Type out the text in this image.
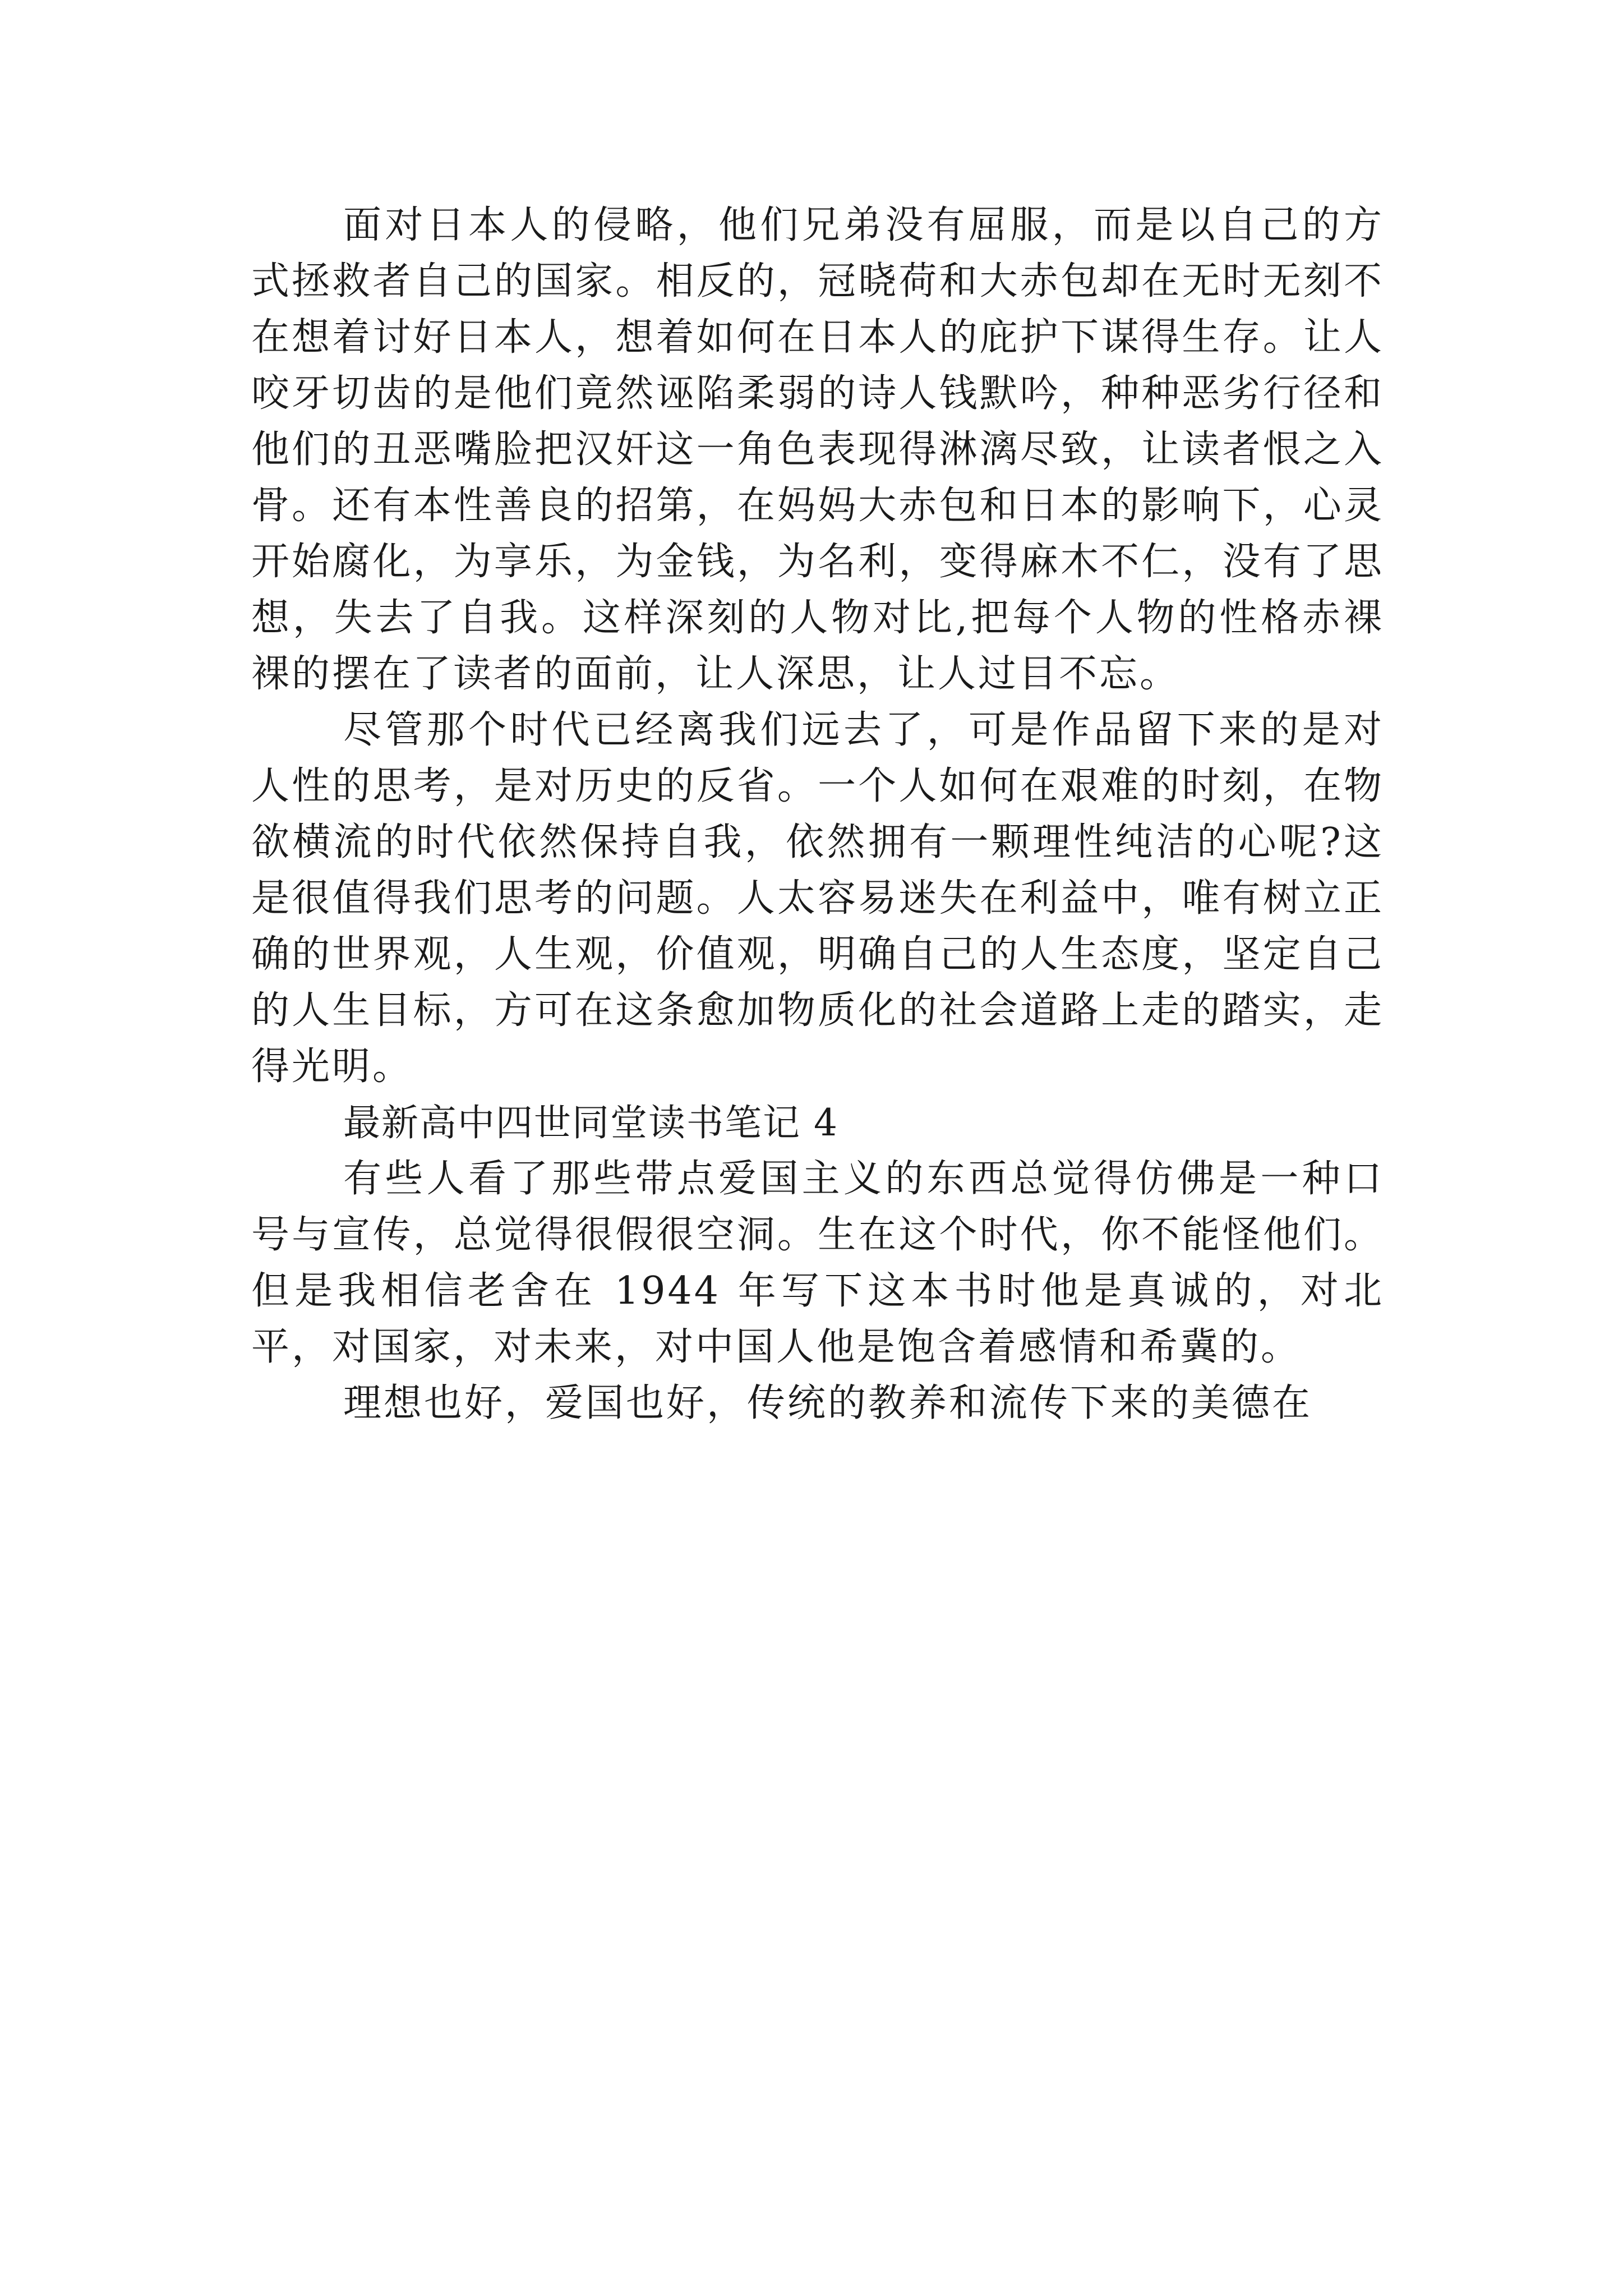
面对日本人的侵略，他们兄弟没有屈服，而是以自己的方式拯救者自己的国家。相反的，冠晓荷和大赤包却在无时无刻不在想着讨好日本人，想着如何在日本人的庇护下谋得生存。让人咬牙切齿的是他们竟然诬陷柔弱的诗人钱默吟，种种恶劣行径和他们的丑恶嘴脸把汉奸这一角色表现得淋漓尽致，让读者恨之入骨。还有本性善良的招第，在妈妈大赤包和日本的影响下，心灵开始腐化，为享乐，为金钱，为名利，变得麻木不仁，没有了思想，失去了自我。这样深刻的人物对比,把每个人物的性格赤裸裸的摆在了读者的面前，让人深思，让人过目不忘。

尽管那个时代已经离我们远去了，可是作品留下来的是对人性的思考，是对历史的反省。一个人如何在艰难的时刻，在物欲横流的时代依然保持自我，依然拥有一颗理性纯洁的心呢?这是很值得我们思考的问题。人太容易迷失在利益中，唯有树立正确的世界观，人生观，价值观，明确自己的人生态度，坚定自己的人生目标，方可在这条愈加物质化的社会道路上走的踏实，走得光明。

最新高中四世同堂读书笔记 4

有些人看了那些带点爱国主义的东西总觉得仿佛是一种口号与宣传，总觉得很假很空洞。生在这个时代，你不能怪他们。但是我相信老舍在 1944 年写下这本书时他是真诚的，对北平，对国家，对未来，对中国人他是饱含着感情和希冀的。

理想也好，爱国也好，传统的教养和流传下来的美德在
